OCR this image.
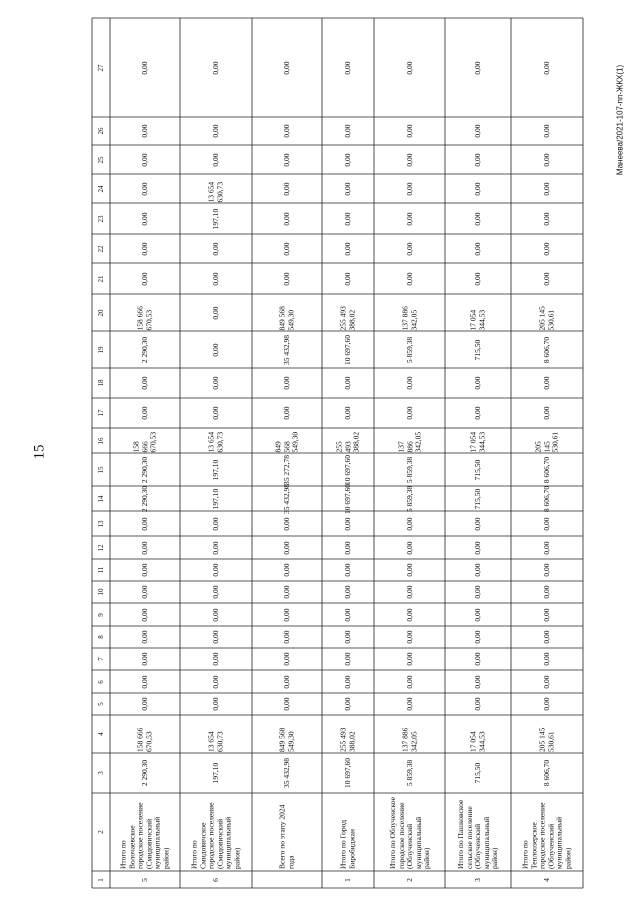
15
Манеева/2021-107-пп-ЖКХ(1)
1
2
3
4
5
6
7
8
9
10
11
12
13
14
15
16
17
18
19
20
21
22
23
24
25
26
27
5
Итого по Волочаевское городское поселение (Смидовичский муниципальный район)
2 290,30
158 666 670,53
0,00
0,00
0,00
0,00
0,00
0,00
0,00
0,00
0,00
2 290,30
2 290,30
158 666 670,53
0,00
0,00
2 290,30
158 666 670,53
0,00
0,00
0,00
0,00
0,00
0,00
0,00
6
Итого по Смидовичское городское поселение (Смидовичский муниципальный район)
197,10
13 654 630,73
0,00
0,00
0,00
0,00
0,00
0,00
0,00
0,00
0,00
197,10
197,10
13 654 630,73
0,00
0,00
0,00
0,00
0,00
0,00
197,10
13 654 630,73
0,00
0,00
0,00
Всего по этапу 2024 года
35 432,98
849 568 549,30
0,00
0,00
0,00
0,00
0,00
0,00
0,00
0,00
0,00
35 432,98
35 272,78
849 568 549,30
0,00
0,00
35 432,98
849 568 549,30
0,00
0,00
0,00
0,00
0,00
0,00
0,00
1
Итого по Город Биробиджан
10 697,60
255 493 388,02
0,00
0,00
0,00
0,00
0,00
0,00
0,00
0,00
0,00
10 697,60
10 697,60
255 493 388,02
0,00
0,00
10 697,60
255 493 388,02
0,00
0,00
0,00
0,00
0,00
0,00
0,00
2
Итого по Облученское городское поселение (Облученский муниципальный район)
5 859,38
137 886 342,05
0,00
0,00
0,00
0,00
0,00
0,00
0,00
0,00
0,00
5 859,38
5 859,38
137 886 342,05
0,00
0,00
5 859,38
137 886 342,05
0,00
0,00
0,00
0,00
0,00
0,00
0,00
3
Итого по Пашковское сельское поселение (Облученский муниципальный район)
715,50
17 054 344,53
0,00
0,00
0,00
0,00
0,00
0,00
0,00
0,00
0,00
715,50
715,50
17 054 344,53
0,00
0,00
715,50
17 054 344,53
0,00
0,00
0,00
0,00
0,00
0,00
0,00
4
Итого по Теплоозерское городское поселение (Облученский муниципальный район)
8 606,70
205 145 530,61
0,00
0,00
0,00
0,00
0,00
0,00
0,00
0,00
0,00
8 606,70
8 606,70
205 145 530,61
0,00
0,00
8 606,70
205 145 530,61
0,00
0,00
0,00
0,00
0,00
0,00
0,00
